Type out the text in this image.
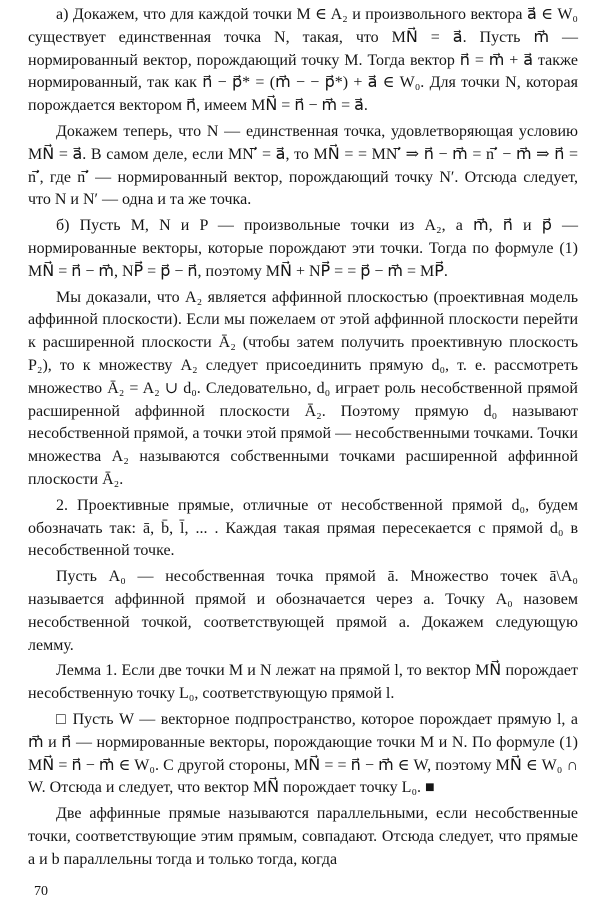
а) Докажем, что для каждой точки M ∈ A₂ и произвольного вектора a⃗ ∈ W₀ существует единственная точка N, такая, что MN⃗ = a⃗. Пусть m⃗ — нормированный вектор, порождающий точку M. Тогда вектор n⃗ = m⃗ + a⃗ также нормированный, так как n⃗ − p⃗* = (m⃗ − − p⃗*) + a⃗ ∈ W₀. Для точки N, которая порождается вектором n⃗, имеем MN⃗ = n⃗ − m⃗ = a⃗.

Докажем теперь, что N — единственная точка, удовлетворяющая условию MN⃗ = a⃗. В самом деле, если MN′⃗ = a⃗, то MN⃗ = = MN′⃗ ⇒ n⃗ − m⃗ = n′⃗ − m⃗ ⇒ n⃗ = n′⃗, где n′⃗ — нормированный вектор, порождающий точку N′. Отсюда следует, что N и N′ — одна и та же точка.

б) Пусть M, N и P — произвольные точки из A₂, а m⃗, n⃗ и p⃗ — нормированные векторы, которые порождают эти точки. Тогда по формуле (1) MN⃗ = n⃗ − m⃗, NP⃗ = p⃗ − n⃗, поэтому MN⃗ + NP⃗ = = p⃗ − m⃗ = MP⃗.

Мы доказали, что A₂ является аффинной плоскостью (проективная модель аффинной плоскости). Если мы пожелаем от этой аффинной плоскости перейти к расширенной плоскости Ā₂ (чтобы затем получить проективную плоскость P₂), то к множеству A₂ следует присоединить прямую d₀, т. е. рассмотреть множество Ā₂ = A₂ ∪ d₀. Следовательно, d₀ играет роль несобственной прямой расширенной аффинной плоскости Ā₂. Поэтому прямую d₀ называют несобственной прямой, а точки этой прямой — несобственными точками. Точки множества A₂ называются собственными точками расширенной аффинной плоскости Ā₂.

2. Проективные прямые, отличные от несобственной прямой d₀, будем обозначать так: ā, b̄, l̄, ... . Каждая такая прямая пересекается с прямой d₀ в несобственной точке.

Пусть A₀ — несобственная точка прямой ā. Множество точек ā\A₀ называется аффинной прямой и обозначается через a. Точку A₀ назовем несобственной точкой, соответствующей прямой a. Докажем следующую лемму.

Лемма 1. Если две точки M и N лежат на прямой l, то вектор MN⃗ порождает несобственную точку L₀, соответствующую прямой l.

□ Пусть W — векторное подпространство, которое порождает прямую l, а m⃗ и n⃗ — нормированные векторы, порождающие точки M и N. По формуле (1) MN⃗ = n⃗ − m⃗ ∈ W₀. С другой стороны, MN⃗ = = n⃗ − m⃗ ∈ W, поэтому MN⃗ ∈ W₀ ∩ W. Отсюда и следует, что вектор MN⃗ порождает точку L₀. ■

Две аффинные прямые называются параллельными, если несобственные точки, соответствующие этим прямым, совпадают. Отсюда следует, что прямые a и b параллельны тогда и только тогда, когда

70
